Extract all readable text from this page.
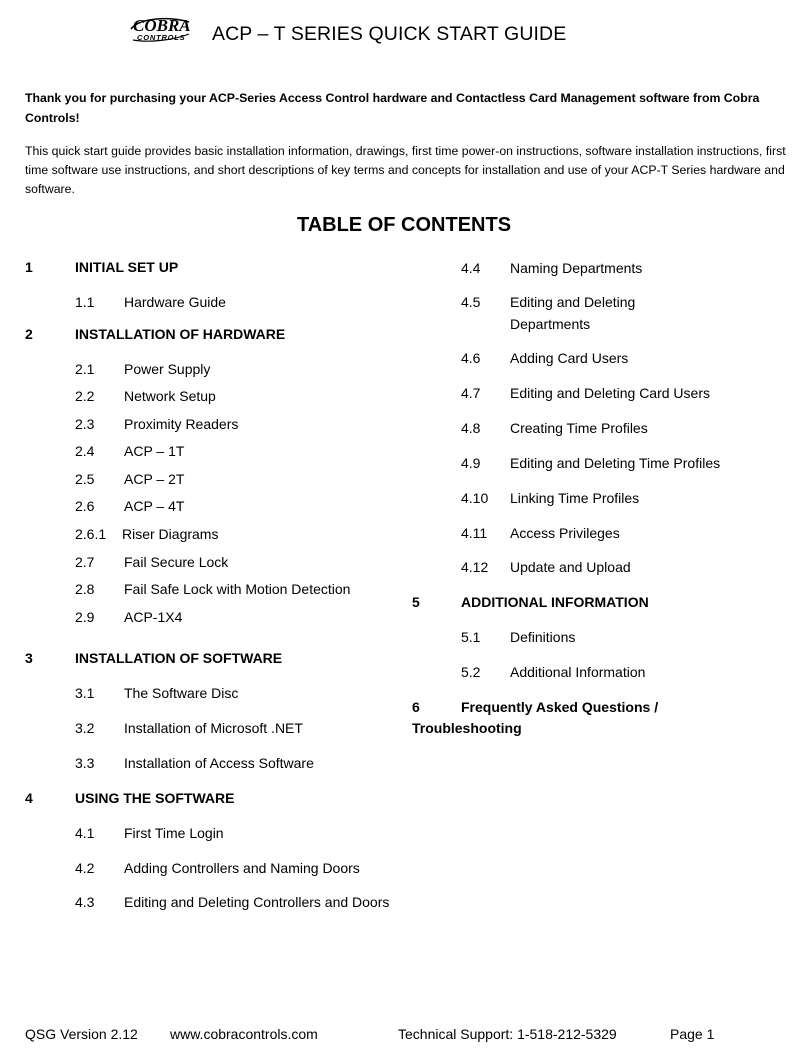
COBRA
CONTROLS ACP – T SERIES QUICK START GUIDE
Thank you for purchasing your ACP-Series Access Control hardware and Contactless Card Management software from Cobra Controls!
This quick start guide provides basic installation information, drawings, first time power-on instructions, software installation instructions, first time software use instructions, and short descriptions of key terms and concepts for installation and use of your ACP-T Series hardware and software.
TABLE OF CONTENTS
1	INITIAL SET UP
1.1 Hardware Guide
2	INSTALLATION OF HARDWARE
2.1 Power Supply
2.2 Network Setup
2.3 Proximity Readers
2.4 ACP – 1T
2.5 ACP – 2T
2.6 ACP – 4T
2.6.1 Riser Diagrams
2.7 Fail Secure Lock
2.8 Fail Safe Lock with Motion Detection
2.9 ACP-1X4
3	INSTALLATION OF SOFTWARE
3.1 The Software Disc
3.2 Installation of Microsoft .NET
3.3 Installation of Access Software
4	USING THE SOFTWARE
4.1 First Time Login
4.2 Adding Controllers and Naming Doors
4.3 Editing and Deleting Controllers and Doors
4.4 Naming Departments
4.5 Editing and Deleting
Departments
4.6 Adding Card Users
4.7 Editing and Deleting Card Users
4.8 Creating Time Profiles
4.9 Editing and Deleting Time Profiles
4.10 Linking Time Profiles
4.11 Access Privileges
4.12 Update and Upload
5	ADDITIONAL INFORMATION
5.1 Definitions
5.2 Additional Information
6	Frequently Asked Questions /
Troubleshooting
QSG Version 2.12 www.cobracontrols.com	Technical Support: 1-518-212-5329	Page 1
